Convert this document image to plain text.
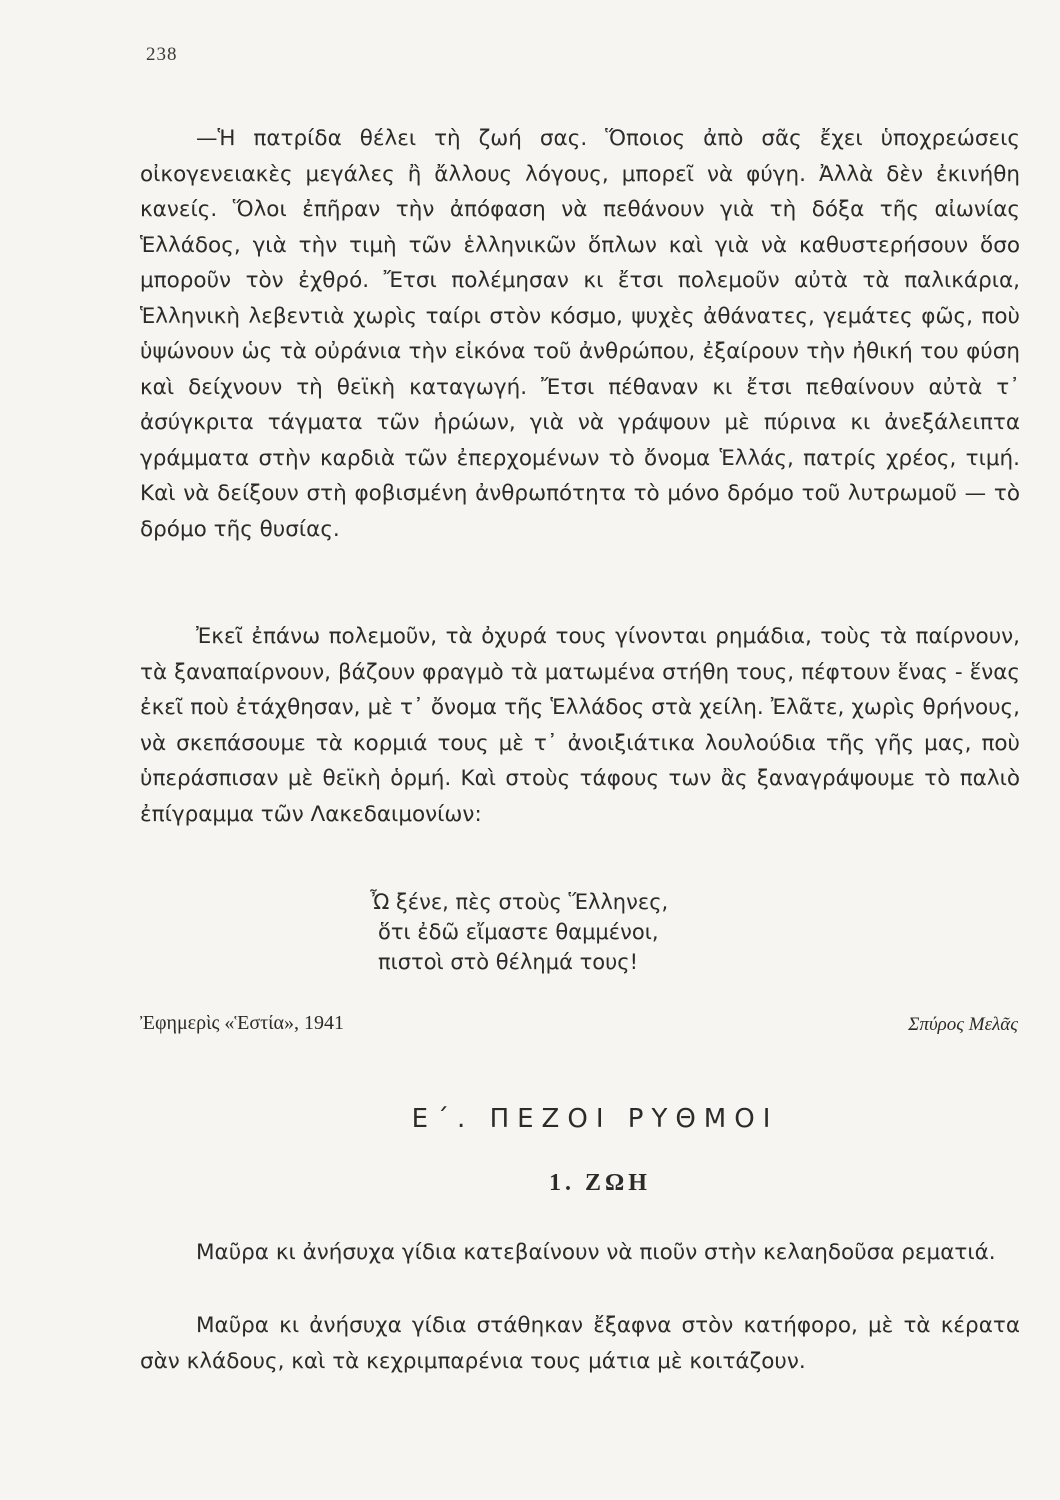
238

—Ἡ πατρίδα θέλει τὴ ζωή σας. Ὅποιος ἀπὸ σᾶς ἔχει ὑποχρεώσεις οἰκογενειακὲς μεγάλες ἢ ἄλλους λόγους, μπορεῖ νὰ φύγη. Ἀλλὰ δὲν ἐκινήθη κανείς. Ὅλοι ἐπῆραν τὴν ἀπόφαση νὰ πεθάνουν γιὰ τὴ δόξα τῆς αἰωνίας Ἑλλάδος, γιὰ τὴν τιμὴ τῶν ἑλληνικῶν ὅπλων καὶ γιὰ νὰ καθυστερήσουν ὅσο μποροῦν τὸν ἐχθρό. Ἔτσι πολέμησαν κι ἔτσι πολεμοῦν αὐτὰ τὰ παλικάρια, Ἑλληνικὴ λεβεντιὰ χωρὶς ταίρι στὸν κόσμο, ψυχὲς ἀθάνατες, γεμάτες φῶς, ποὺ ὑψώνουν ὡς τὰ οὐράνια τὴν εἰκόνα τοῦ ἀνθρώπου, ἐξαίρουν τὴν ἠθική του φύση καὶ δείχνουν τὴ θεϊκὴ καταγωγή. Ἔτσι πέθαναν κι ἔτσι πεθαίνουν αὐτὰ τ᾽ ἀσύγκριτα τάγματα τῶν ἡρώων, γιὰ νὰ γράψουν μὲ πύρινα κι ἀνεξάλειπτα γράμματα στὴν καρδιὰ τῶν ἐπερχομένων τὸ ὄνομα Ἑλλάς, πατρίς χρέος, τιμή. Καὶ νὰ δείξουν στὴ φοβισμένη ἀνθρωπότητα τὸ μόνο δρόμο τοῦ λυτρωμοῦ — τὸ δρόμο τῆς θυσίας.

Ἐκεῖ ἐπάνω πολεμοῦν, τὰ ὀχυρά τους γίνονται ρημάδια, τοὺς τὰ παίρνουν, τὰ ξαναπαίρνουν, βάζουν φραγμὸ τὰ ματωμένα στήθη τους, πέφτουν ἕνας - ἕνας ἐκεῖ ποὺ ἐτάχθησαν, μὲ τ᾽ ὄνομα τῆς Ἑλλάδος στὰ χείλη. Ἐλᾶτε, χωρὶς θρήνους, νὰ σκεπάσουμε τὰ κορμιά τους μὲ τ᾽ ἀνοιξιάτικα λουλούδια τῆς γῆς μας, ποὺ ὑπεράσπισαν μὲ θεϊκὴ ὁρμή. Καὶ στοὺς τάφους των ἂς ξαναγράψουμε τὸ παλιὸ ἐπίγραμμα τῶν Λακεδαιμονίων:

Ὦ ξένε, πὲς στοὺς Ἕλληνες,
ὅτι ἐδῶ εἴμαστε θαμμένοι,
πιστοὶ στὸ θέλημά τους!
Ἐφημερὶς «Ἑστία», 1941	Σπύρος Μελᾶς
Ε΄. ΠΕΖΟΙ ΡΥΘΜΟΙ
1. ΖΩΗ

Μαῦρα κι ἀνήσυχα γίδια κατεβαίνουν νὰ πιοῦν στὴν κελαηδοῦσα ρεματιά.

Μαῦρα κι ἀνήσυχα γίδια στάθηκαν ἔξαφνα στὸν κατήφορο, μὲ τὰ κέρατα σὰν κλάδους, καὶ τὰ κεχριμπαρένια τους μάτια μὲ κοιτάζουν.
